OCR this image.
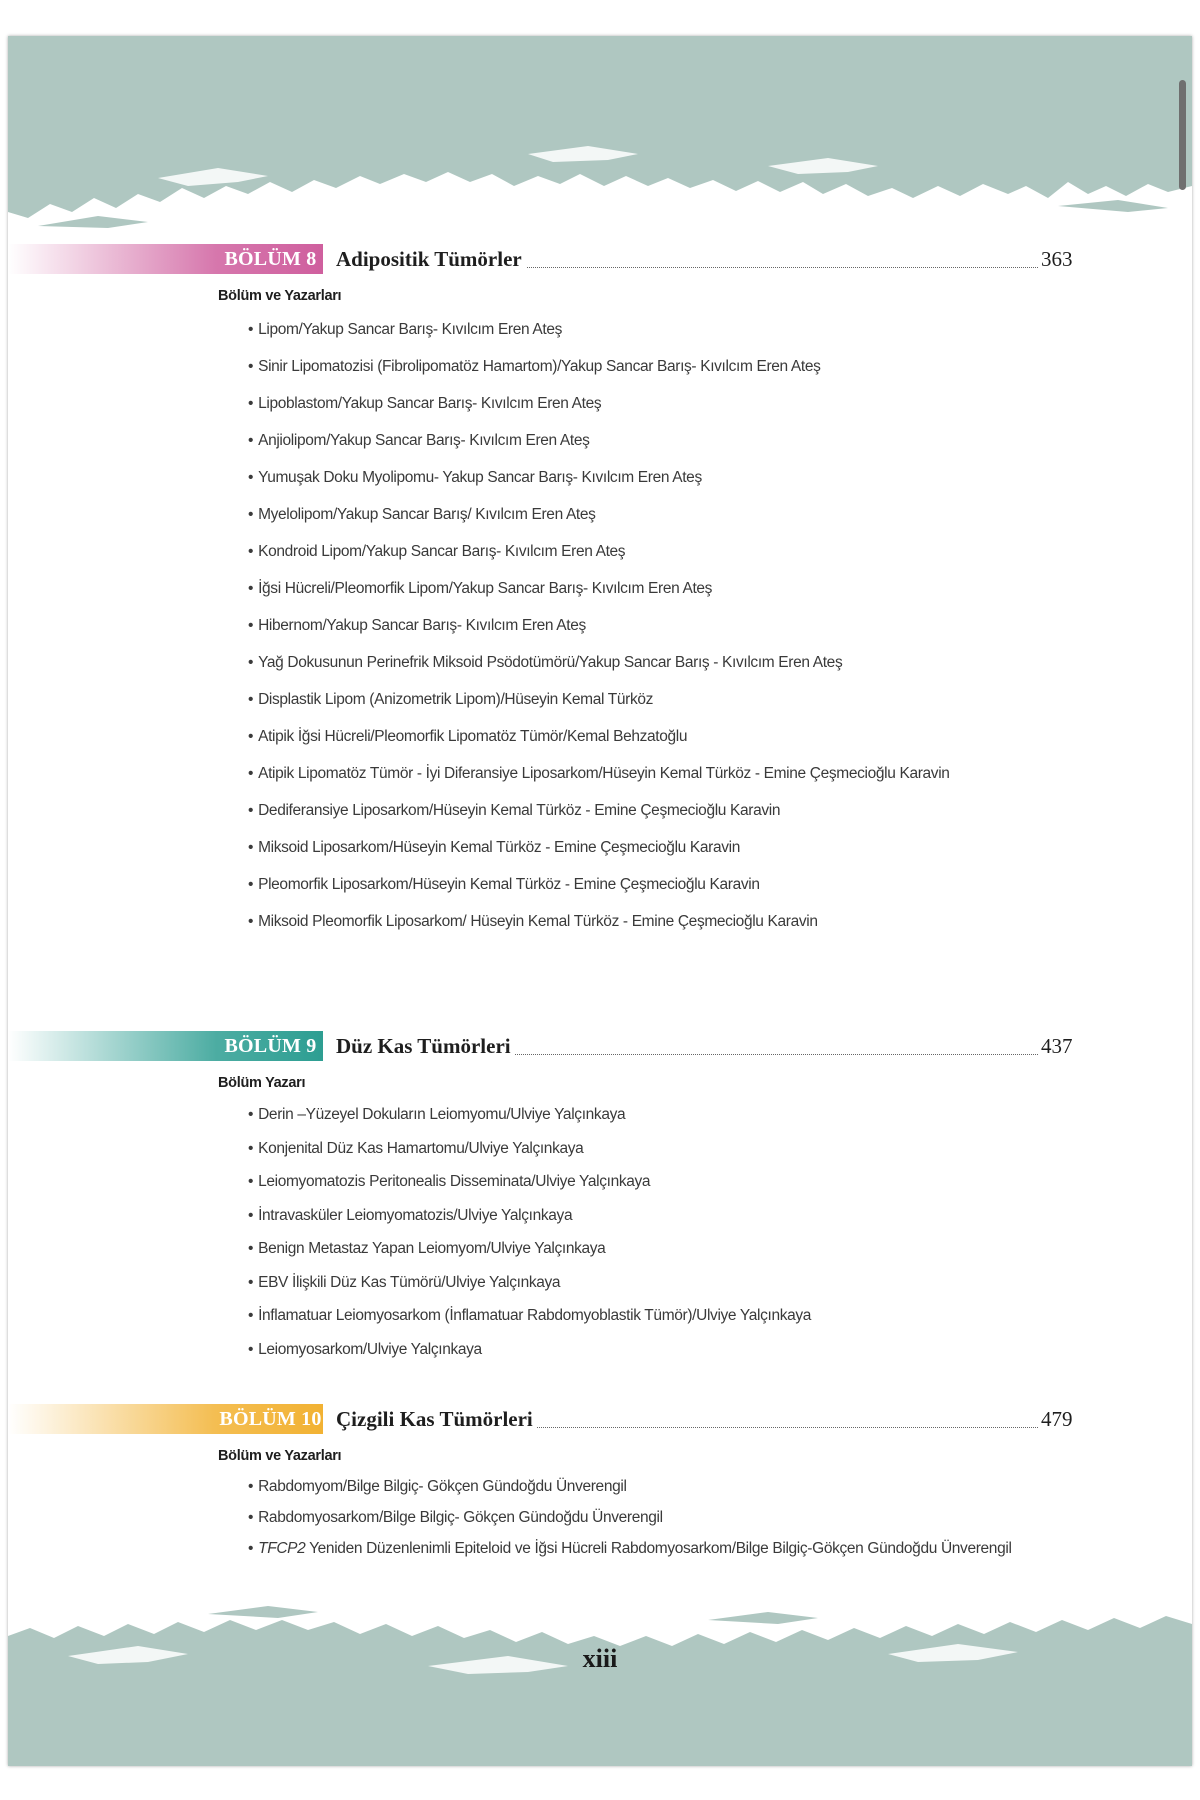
BÖLÜM 8 Adipositik Tümörler	363
Bölüm ve Yazarları
• Lipom/Yakup Sancar Barış- Kıvılcım Eren Ateş
• Sinir Lipomatozisi (Fibrolipomatöz Hamartom)/Yakup Sancar Barış- Kıvılcım Eren Ateş
• Lipoblastom/Yakup Sancar Barış- Kıvılcım Eren Ateş
• Anjiolipom/Yakup Sancar Barış- Kıvılcım Eren Ateş
• Yumuşak Doku Myolipomu- Yakup Sancar Barış- Kıvılcım Eren Ateş
• Myelolipom/Yakup Sancar Barış/ Kıvılcım Eren Ateş
• Kondroid Lipom/Yakup Sancar Barış- Kıvılcım Eren Ateş
• İğsi Hücreli/Pleomorfik Lipom/Yakup Sancar Barış- Kıvılcım Eren Ateş
• Hibernom/Yakup Sancar Barış- Kıvılcım Eren Ateş
• Yağ Dokusunun Perinefrik Miksoid Psödotümörü/Yakup Sancar Barış - Kıvılcım Eren Ateş
• Displastik Lipom (Anizometrik Lipom)/Hüseyin Kemal Türköz
• Atipik İğsi Hücreli/Pleomorfik Lipomatöz Tümör/Kemal Behzatoğlu
• Atipik Lipomatöz Tümör - İyi Diferansiye Liposarkom/Hüseyin Kemal Türköz - Emine Çeşmecioğlu Karavin
• Dediferansiye Liposarkom/Hüseyin Kemal Türköz - Emine Çeşmecioğlu Karavin
• Miksoid Liposarkom/Hüseyin Kemal Türköz - Emine Çeşmecioğlu Karavin
• Pleomorfik Liposarkom/Hüseyin Kemal Türköz - Emine Çeşmecioğlu Karavin
• Miksoid Pleomorfik Liposarkom/ Hüseyin Kemal Türköz - Emine Çeşmecioğlu Karavin
BÖLÜM 9 Düz Kas Tümörleri	437
Bölüm Yazarı
• Derin –Yüzeyel Dokuların Leiomyomu/Ulviye Yalçınkaya
• Konjenital Düz Kas Hamartomu/Ulviye Yalçınkaya
• Leiomyomatozis Peritonealis Disseminata/Ulviye Yalçınkaya
• İntravasküler Leiomyomatozis/Ulviye Yalçınkaya
• Benign Metastaz Yapan Leiomyom/Ulviye Yalçınkaya
• EBV İlişkili Düz Kas Tümörü/Ulviye Yalçınkaya
• İnflamatuar Leiomyosarkom (İnflamatuar Rabdomyoblastik Tümör)/Ulviye Yalçınkaya
• Leiomyosarkom/Ulviye Yalçınkaya
BÖLÜM 10 Çizgili Kas Tümörleri	479
Bölüm ve Yazarları
• Rabdomyom/Bilge Bilgiç- Gökçen Gündoğdu Ünverengil
• Rabdomyosarkom/Bilge Bilgiç- Gökçen Gündoğdu Ünverengil
• TFCP2 Yeniden Düzenlenimli Epiteloid ve İğsi Hücreli Rabdomyosarkom/Bilge Bilgiç-Gökçen Gündoğdu Ünverengil
xiii
